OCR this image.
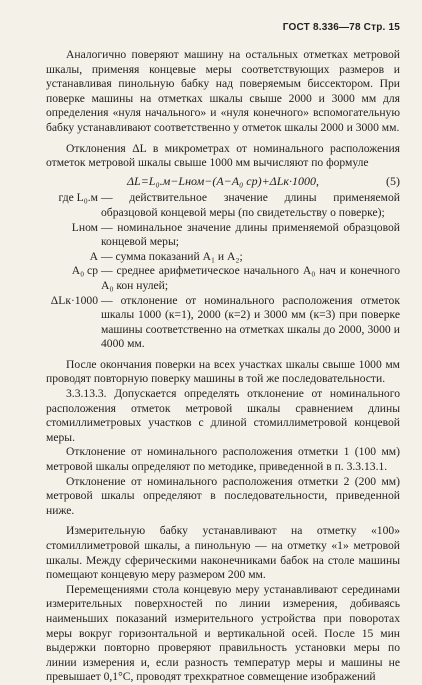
ГОСТ 8.336—78 Стр. 15

Аналогично поверяют машину на остальных отметках метровой шкалы, применяя концевые меры соответствующих размеров и устанавливая пинольную бабку над поверяемым биссектором. При поверке машины на отметках шкалы свыше 2000 и 3000 мм для определения «нуля начального» и «нуля конечного» вспомогательную бабку устанавливают соответственно у отметок шкалы 2000 и 3000 мм.

Отклонения ΔL в микрометрах от номинального расположения отметок метровой шкалы свыше 1000 мм вычисляют по формуле

ΔL=L₀.м−Lном−(A−A₀ ср)+ΔLк·1000,	(5)
где L₀.м — действительное значение длины применяемой образцовой концевой меры (по свидетельству о поверке);
Lном — номинальное значение длины применяемой образцовой концевой меры;
A — сумма показаний A₁ и A₂;
A₀ ср — среднее арифметическое начального A₀ нач и конечного A₀ кон нулей;
ΔLк·1000 — отклонение от номинального расположения отметок шкалы 1000 (к=1), 2000 (к=2) и 3000 мм (к=3) при поверке машины соответственно на отметках шкалы до 2000, 3000 и 4000 мм.

После окончания поверки на всех участках шкалы свыше 1000 мм проводят повторную поверку машины в той же последовательности.

3.3.13.3. Допускается определять отклонение от номинального расположения отметок метровой шкалы сравнением длины стомиллиметровых участков с длиной стомиллиметровой концевой меры.

Отклонение от номинального расположения отметки 1 (100 мм) метровой шкалы определяют по методике, приведенной в п. 3.3.13.1.

Отклонение от номинального расположения отметки 2 (200 мм) метровой шкалы определяют в последовательности, приведенной ниже.

Измерительную бабку устанавливают на отметку «100» стомиллиметровой шкалы, а пинольную — на отметку «1» метровой шкалы. Между сферическими наконечниками бабок на столе машины помещают концевую меру размером 200 мм.

Перемещениями стола концевую меру устанавливают серединами измерительных поверхностей по линии измерения, добиваясь наименьших показаний измерительного устройства при поворотах меры вокруг горизонтальной и вертикальной осей. После 15 мин выдержки повторно проверяют правильность установки меры по линии измерения и, если разность температур меры и машины не превышает 0,1°С, проводят трехкратное совмещение изображений
